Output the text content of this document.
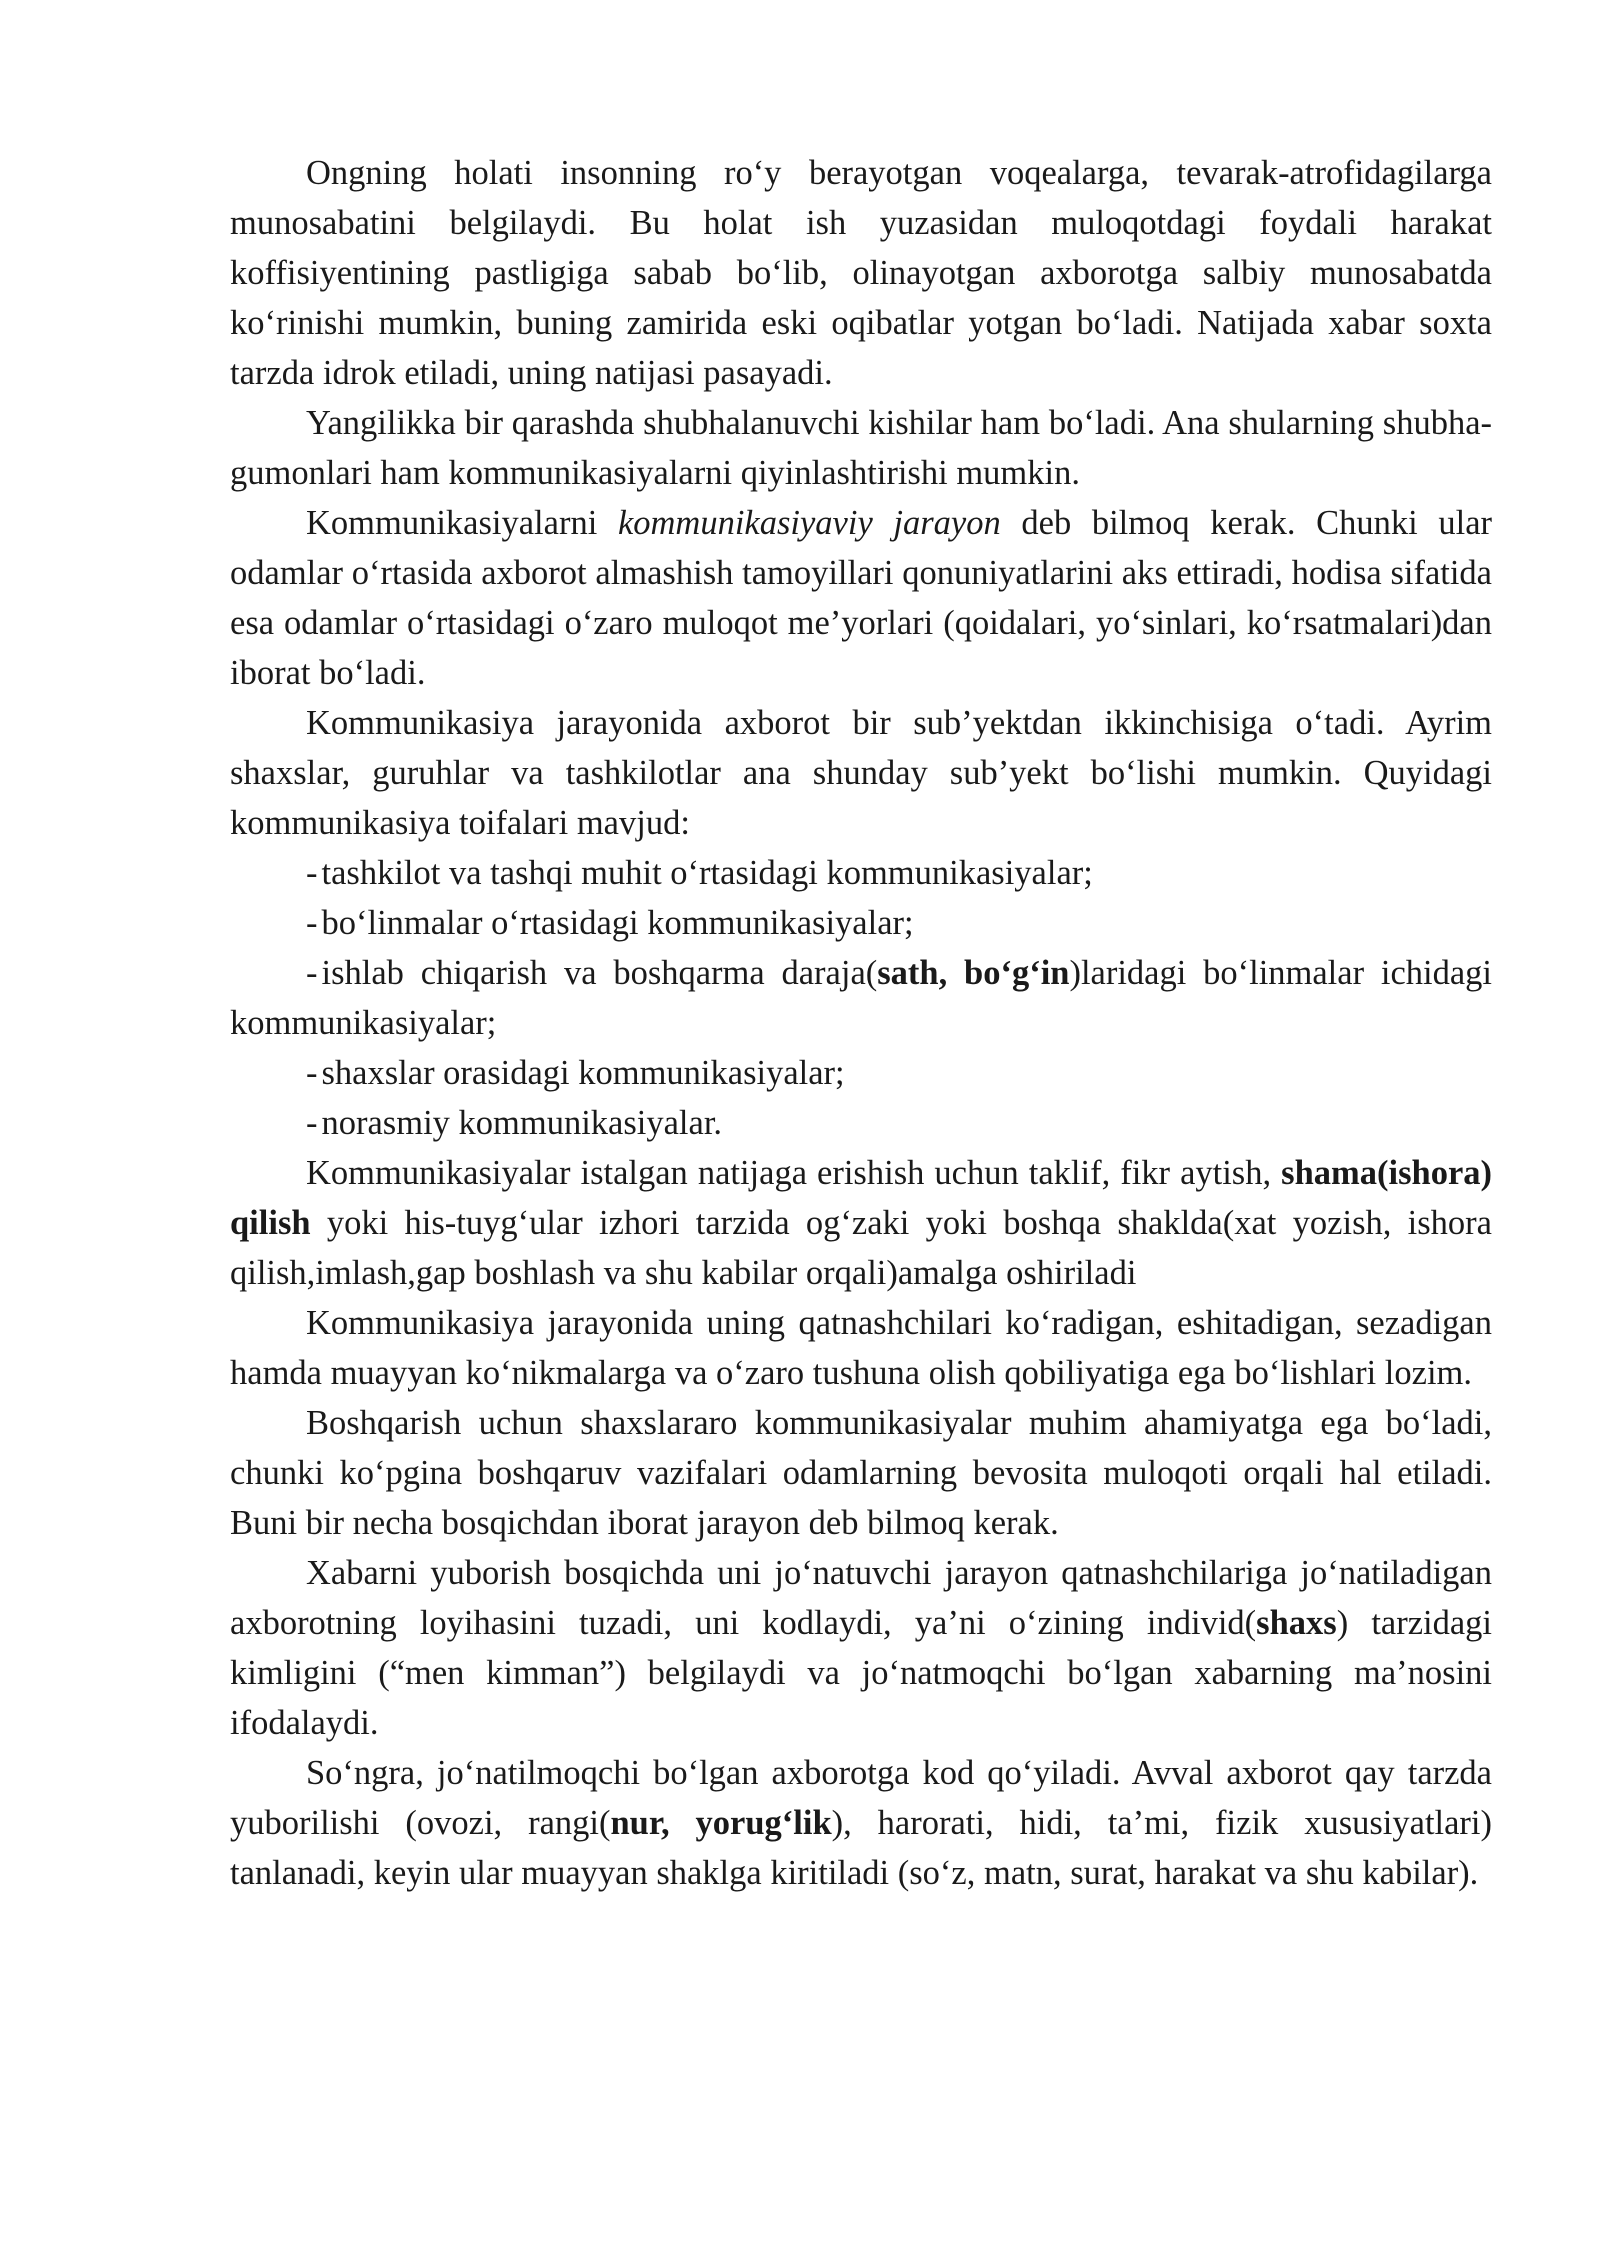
Ongning holati insonning ro‘y berayotgan voqealarga, tevarak-atrofidagilarga munosabatini belgilaydi. Bu holat ish yuzasidan muloqotdagi foydali harakat koffisiyentining pastligiga sabab bo‘lib, olinayotgan axborotga salbiy munosabatda ko‘rinishi mumkin, buning zamirida eski oqibatlar yotgan bo‘ladi. Natijada xabar soxta tarzda idrok etiladi, uning natijasi pasayadi.

Yangilikka bir qarashda shubhalanuvchi kishilar ham bo‘ladi. Ana shularning shubha-gumonlari ham kommunikasiyalarni qiyinlashtirishi mumkin.

Kommunikasiyalarni kommunikasiyaviy jarayon deb bilmoq kerak. Chunki ular odamlar o‘rtasida axborot almashish tamoyillari qonuniyatlarini aks ettiradi, hodisa sifatida esa odamlar o‘rtasidagi o‘zaro muloqot me’yorlari (qoidalari, yo‘sinlari, ko‘rsatmalari)dan iborat bo‘ladi.

Kommunikasiya jarayonida axborot bir sub’yektdan ikkinchisiga o‘tadi. Ayrim shaxslar, guruhlar va tashkilotlar ana shunday sub’yekt bo‘lishi mumkin. Quyidagi kommunikasiya toifalari mavjud:

- tashkilot va tashqi muhit o‘rtasidagi kommunikasiyalar;

- bo‘linmalar o‘rtasidagi kommunikasiyalar;

- ishlab chiqarish va boshqarma daraja(sath, bo‘g‘in)laridagi bo‘linmalar ichidagi kommunikasiyalar;

- shaxslar orasidagi kommunikasiyalar;

- norasmiy kommunikasiyalar.

Kommunikasiyalar istalgan natijaga erishish uchun taklif, fikr aytish, shama(ishora) qilish yoki his-tuyg‘ular izhori tarzida og‘zaki yoki boshqa shaklda(xat yozish, ishora qilish,imlash,gap boshlash va shu kabilar orqali)amalga oshiriladi

Kommunikasiya jarayonida uning qatnashchilari ko‘radigan, eshitadigan, sezadigan hamda muayyan ko‘nikmalarga va o‘zaro tushuna olish qobiliyatiga ega bo‘lishlari lozim.

Boshqarish uchun shaxslararo kommunikasiyalar muhim ahamiyatga ega bo‘ladi, chunki ko‘pgina boshqaruv vazifalari odamlarning bevosita muloqoti orqali hal etiladi. Buni bir necha bosqichdan iborat jarayon deb bilmoq kerak.

Xabarni yuborish bosqichda uni jo‘natuvchi jarayon qatnashchilariga jo‘natiladigan axborotning loyihasini tuzadi, uni kodlaydi, ya’ni o‘zining individ(shaxs) tarzidagi kimligini (“men kimman”) belgilaydi va jo‘natmoqchi bo‘lgan xabarning ma’nosini ifodalaydi.

So‘ngra, jo‘natilmoqchi bo‘lgan axborotga kod qo‘yiladi. Avval axborot qay tarzda yuborilishi (ovozi, rangi(nur, yorug‘lik), harorati, hidi, ta’mi, fizik xususiyatlari) tanlanadi, keyin ular muayyan shaklga kiritiladi (so‘z, matn, surat, harakat va shu kabilar).
